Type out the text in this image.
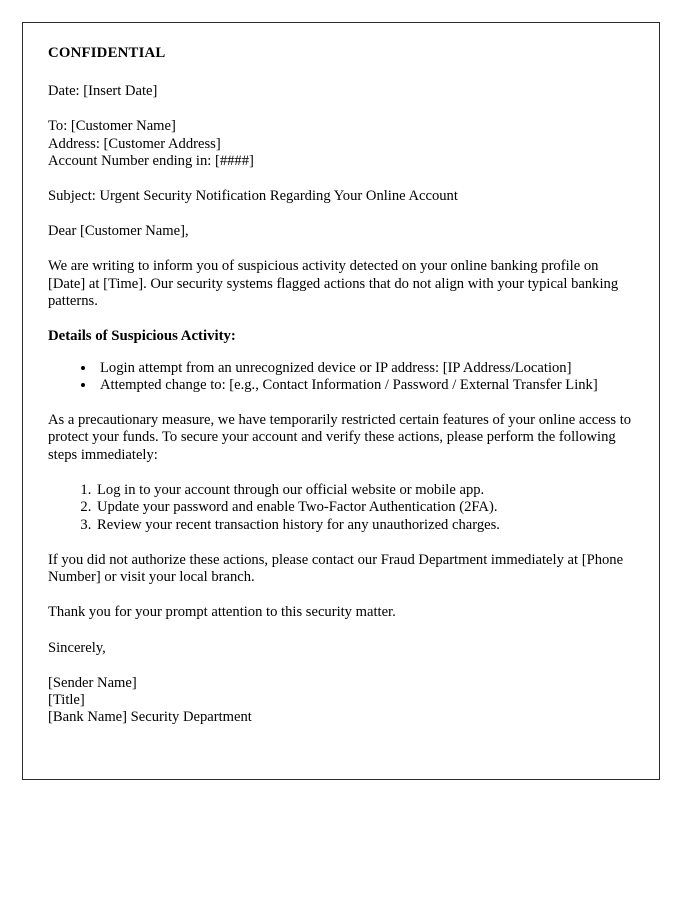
CONFIDENTIAL
Date: [Insert Date]
To: [Customer Name]
Address: [Customer Address]
Account Number ending in: [####]
Subject: Urgent Security Notification Regarding Your Online Account
Dear [Customer Name],
We are writing to inform you of suspicious activity detected on your online banking profile on [Date] at [Time]. Our security systems flagged actions that do not align with your typical banking patterns.
Details of Suspicious Activity:
• Login attempt from an unrecognized device or IP address: [IP Address/Location]
• Attempted change to: [e.g., Contact Information / Password / External Transfer Link]
As a precautionary measure, we have temporarily restricted certain features of your online access to protect your funds. To secure your account and verify these actions, please perform the following steps immediately:
1. Log in to your account through our official website or mobile app.
2. Update your password and enable Two-Factor Authentication (2FA).
3. Review your recent transaction history for any unauthorized charges.
If you did not authorize these actions, please contact our Fraud Department immediately at [Phone Number] or visit your local branch.
Thank you for your prompt attention to this security matter.
Sincerely,
[Sender Name]
[Title]
[Bank Name] Security Department
